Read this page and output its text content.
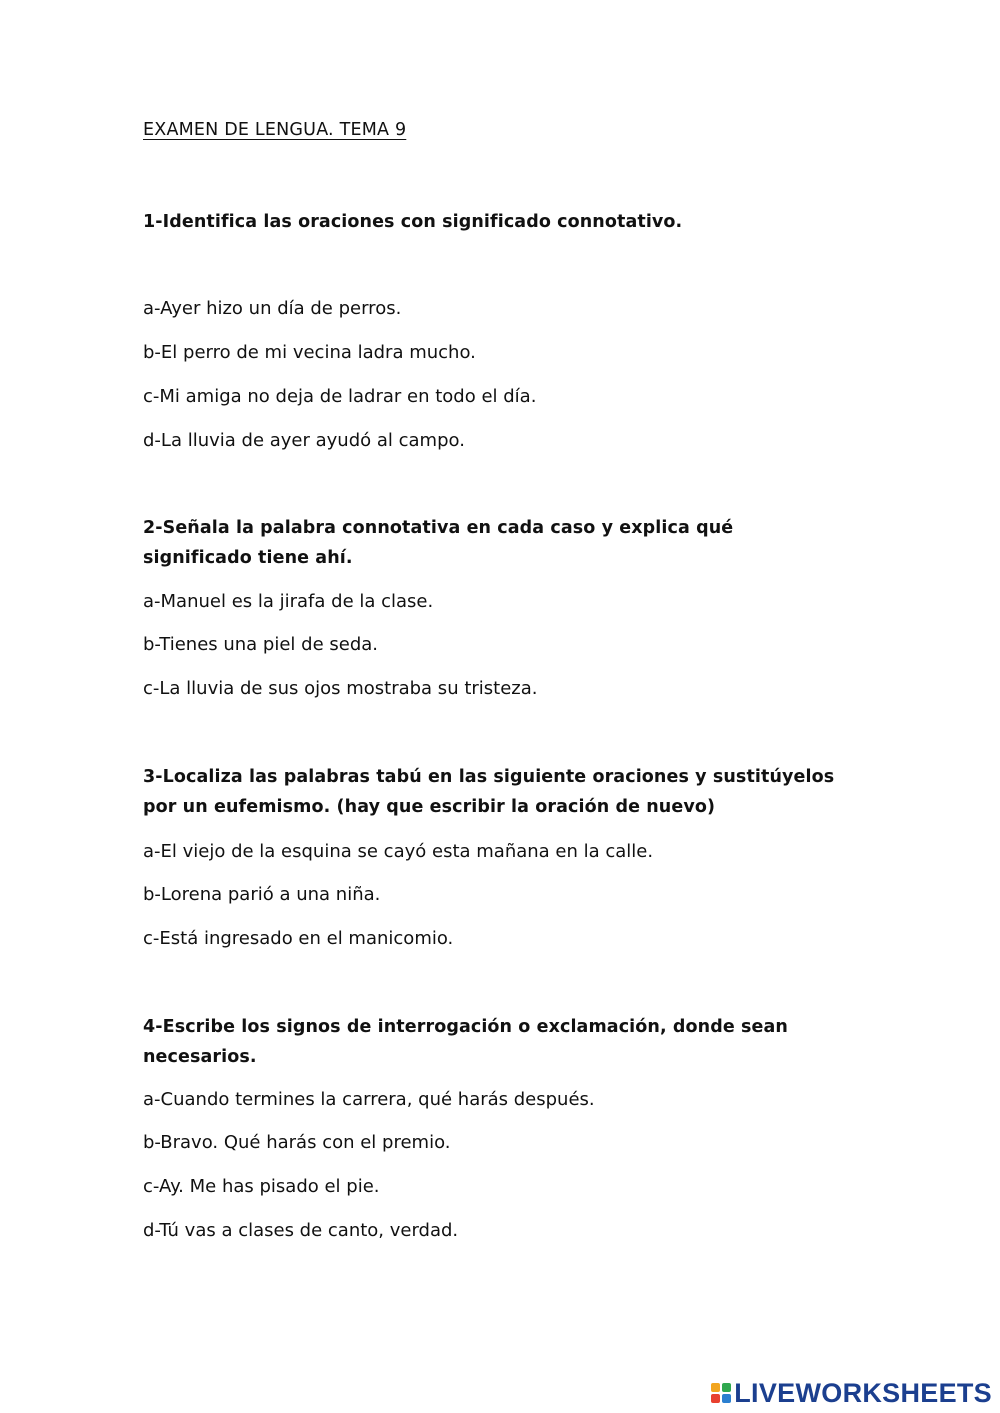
EXAMEN DE LENGUA. TEMA 9
1-Identifica las oraciones con significado connotativo.
a-Ayer hizo un día de perros.
b-El perro de mi vecina ladra mucho.
c-Mi amiga no deja de ladrar en todo el día.
d-La lluvia de ayer ayudó al campo.
2-Señala la palabra connotativa en cada caso y explica qué significado tiene ahí.
a-Manuel es la jirafa de la clase.
b-Tienes una piel de seda.
c-La lluvia de sus ojos mostraba su tristeza.
3-Localiza las palabras tabú en las siguiente oraciones y sustitúyelos por un eufemismo. (hay que escribir la oración de nuevo)
a-El viejo de la esquina se cayó esta mañana en la calle.
b-Lorena parió a una niña.
c-Está ingresado en el manicomio.
4-Escribe los signos de interrogación o exclamación, donde sean necesarios.
a-Cuando termines la carrera, qué harás después.
b-Bravo. Qué harás con el premio.
c-Ay. Me has pisado el pie.
d-Tú vas a clases de canto, verdad.
LIVEWORKSHEETS
